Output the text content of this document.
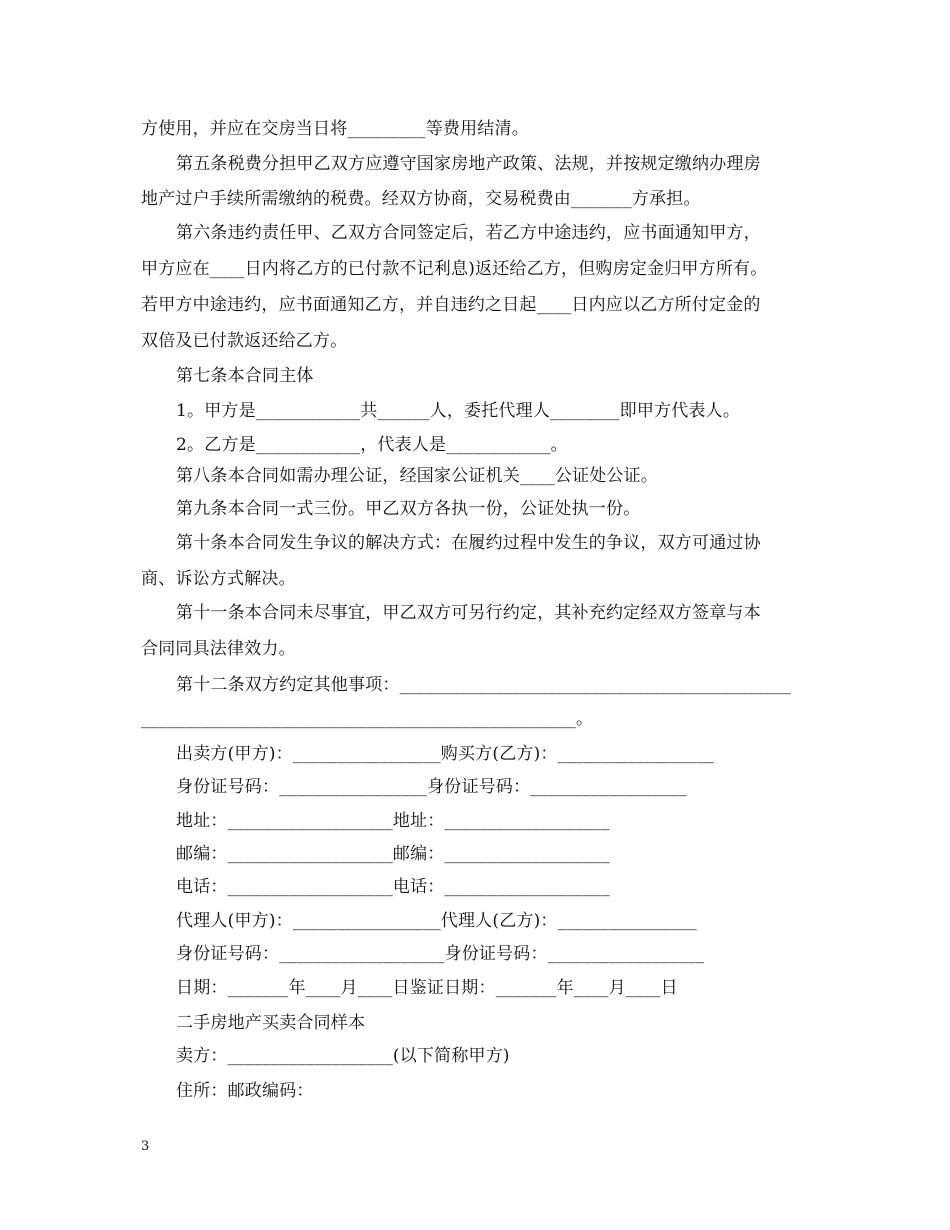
方使用，并应在交房当日将_________等费用结清。
第五条税费分担甲乙双方应遵守国家房地产政策、法规，并按规定缴纳办理房
地产过户手续所需缴纳的税费。经双方协商，交易税费由_______方承担。
第六条违约责任甲、乙双方合同签定后，若乙方中途违约，应书面通知甲方，
甲方应在____日内将乙方的已付款不记利息)返还给乙方，但购房定金归甲方所有。
若甲方中途违约，应书面通知乙方，并自违约之日起____日内应以乙方所付定金的
双倍及已付款返还给乙方。
第七条本合同主体
1。甲方是____________共______人，委托代理人________即甲方代表人。
2。乙方是____________，代表人是____________。
第八条本合同如需办理公证，经国家公证机关____公证处公证。
第九条本合同一式三份。甲乙双方各执一份，公证处执一份。
第十条本合同发生争议的解决方式：在履约过程中发生的争议，双方可通过协
商、诉讼方式解决。
第十一条本合同未尽事宜，甲乙双方可另行约定，其补充约定经双方签章与本
合同同具法律效力。
第十二条双方约定其他事项：_____________________________________________
__________________________________________________。
出卖方(甲方)：_________________购买方(乙方)：__________________
身份证号码：_________________身份证号码：__________________
地址：___________________地址：___________________
邮编：___________________邮编：___________________
电话：___________________电话：___________________
代理人(甲方)：_________________代理人(乙方)：________________
身份证号码：___________________身份证号码：__________________
日期：_______年____月____日鉴证日期：_______年____月____日
二手房地产买卖合同样本
卖方：___________________(以下简称甲方)
住所：邮政编码：
3
